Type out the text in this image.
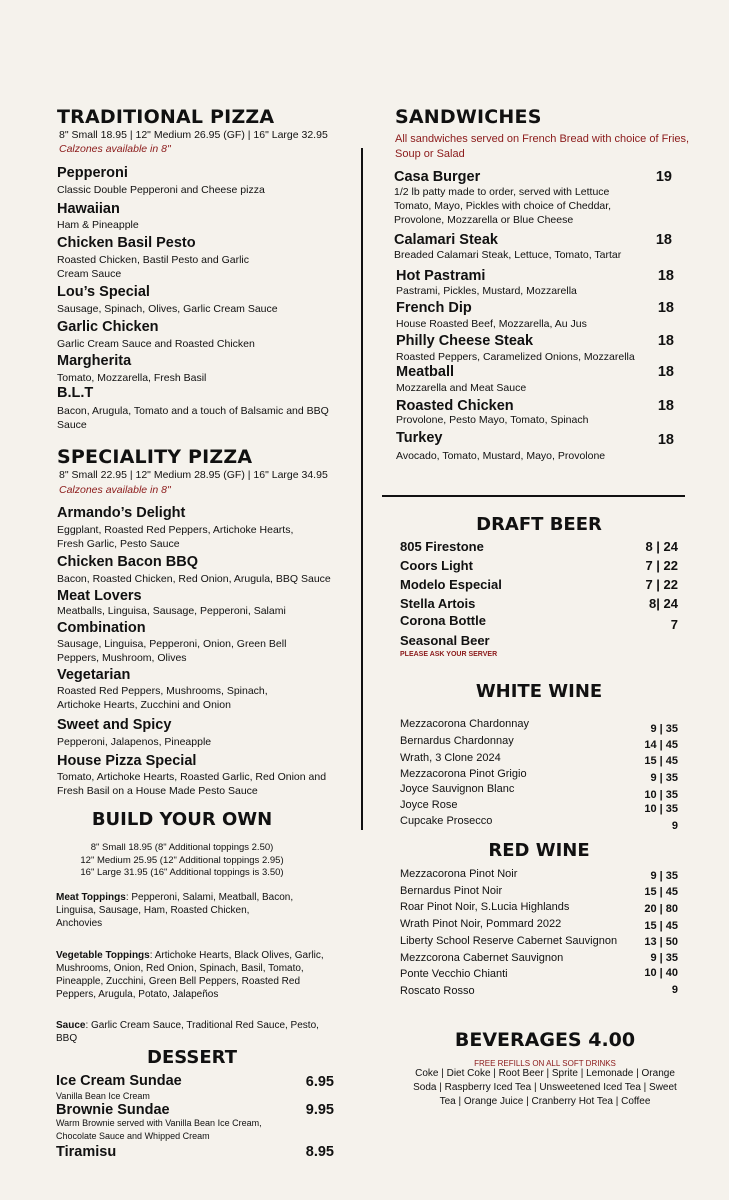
TRADITIONAL PIZZA
8" Small 18.95 | 12" Medium 26.95 (GF) | 16" Large 32.95
Calzones available in 8"
Pepperoni
Classic Double Pepperoni and Cheese pizza
Hawaiian
Ham & Pineapple
Chicken Basil Pesto
Roasted Chicken, Bastil Pesto and Garlic Cream Sauce
Lou’s Special
Sausage, Spinach, Olives, Garlic Cream Sauce
Garlic Chicken
Garlic Cream Sauce and Roasted Chicken
Margherita
Tomato, Mozzarella, Fresh Basil
B.L.T
Bacon, Arugula, Tomato and a touch of Balsamic and BBQ Sauce
SPECIALITY PIZZA
8" Small 22.95 | 12" Medium 28.95 (GF) | 16" Large 34.95
Calzones available in 8"
Armando’s Delight
Eggplant, Roasted Red Peppers, Artichoke Hearts, Fresh Garlic, Pesto Sauce
Chicken Bacon BBQ
Bacon, Roasted Chicken, Red Onion, Arugula, BBQ Sauce
Meat Lovers
Meatballs, Linguisa, Sausage, Pepperoni, Salami
Combination
Sausage, Linguisa, Pepperoni, Onion, Green Bell Peppers, Mushroom, Olives
Vegetarian
Roasted Red Peppers, Mushrooms, Spinach, Artichoke Hearts, Zucchini and Onion
Sweet and Spicy
Pepperoni, Jalapenos, Pineapple
House Pizza Special
Tomato, Artichoke Hearts, Roasted Garlic, Red Onion and Fresh Basil on a House Made Pesto Sauce
BUILD YOUR OWN
8" Small 18.95 (8" Additional toppings 2.50)
12" Medium 25.95 (12" Additional toppings 2.95)
16" Large 31.95 (16" Additional toppings is 3.50)
Meat Toppings: Pepperoni, Salami, Meatball, Bacon, Linguisa, Sausage, Ham, Roasted Chicken, Anchovies
Vegetable Toppings: Artichoke Hearts, Black Olives, Garlic, Mushrooms, Onion, Red Onion, Spinach, Basil, Tomato, Pineapple, Zucchini, Green Bell Peppers, Roasted Red Peppers, Arugula, Potato, Jalapeños
Sauce: Garlic Cream Sauce, Traditional Red Sauce, Pesto, BBQ
DESSERT
Ice Cream Sundae	6.95
Vanilla Bean Ice Cream
Brownie Sundae	9.95
Warm Brownie served with Vanilla Bean Ice Cream, Chocolate Sauce and Whipped Cream
Tiramisu	8.95
SANDWICHES
All sandwiches served on French Bread with choice of Fries, Soup or Salad
Casa Burger	19
1/2 lb patty made to order, served with Lettuce Tomato, Mayo, Pickles with choice of Cheddar, Provolone, Mozzarella or Blue Cheese
Calamari Steak	18
Breaded Calamari Steak, Lettuce, Tomato, Tartar
Hot Pastrami	18
Pastrami, Pickles, Mustard, Mozzarella
French Dip	18
House Roasted Beef, Mozzarella, Au Jus
Philly Cheese Steak	18
Roasted Peppers, Caramelized Onions, Mozzarella
Meatball	18
Mozzarella and Meat Sauce
Roasted Chicken	18
Provolone, Pesto Mayo, Tomato, Spinach
Turkey	18
Avocado, Tomato, Mustard, Mayo, Provolone
DRAFT BEER
805 Firestone	8 | 24
Coors Light	7 | 22
Modelo Especial	7 | 22
Stella Artois	8| 24
Corona Bottle	7
Seasonal Beer
PLEASE ASK YOUR SERVER
WHITE WINE
Mezzacorona Chardonnay	9 | 35
Bernardus Chardonnay	14 | 45
Wrath, 3 Clone 2024	15 | 45
Mezzacorona Pinot Grigio	9 | 35
Joyce Sauvignon Blanc	10 | 35
Joyce Rose	10 | 35
Cupcake Prosecco	9
RED WINE
Mezzacorona Pinot Noir	9 | 35
Bernardus Pinot Noir	15 | 45
Roar Pinot Noir, S.Lucia Highlands	20 | 80
Wrath Pinot Noir, Pommard 2022	15 | 45
Liberty School Reserve Cabernet Sauvignon	13 | 50
Mezzcorona Cabernet Sauvignon	9 | 35
Ponte Vecchio Chianti	10 | 40
Roscato Rosso	9
BEVERAGES 4.00
FREE REFILLS ON ALL SOFT DRINKS
Coke | Diet Coke | Root Beer | Sprite | Lemonade | Orange Soda | Raspberry Iced Tea | Unsweetened Iced Tea | Sweet Tea | Orange Juice | Cranberry Hot Tea | Coffee
